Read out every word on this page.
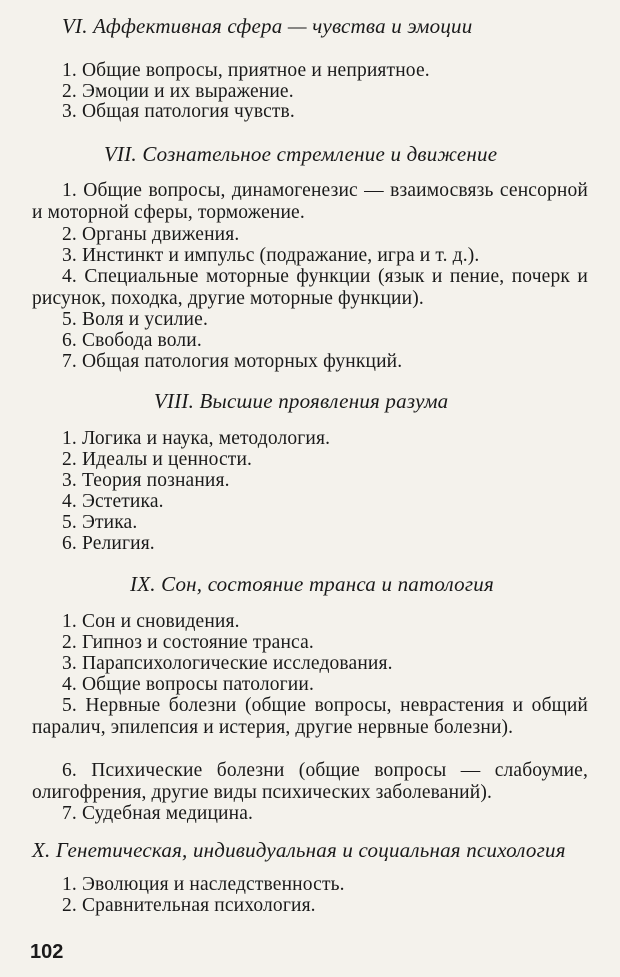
VI. Аффективная сфера — чувства и эмоции
1. Общие вопросы, приятное и неприятное.
2. Эмоции и их выражение.
3. Общая патология чувств.
VII. Сознательное стремление и движение
1. Общие вопросы, динамогенезис — взаимосвязь сенсорной и моторной сферы, торможение.
2. Органы движения.
3. Инстинкт и импульс (подражание, игра и т. д.).
4. Специальные моторные функции (язык и пение, почерк и рисунок, походка, другие моторные функции).
5. Воля и усилие.
6. Свобода воли.
7. Общая патология моторных функций.
VIII. Высшие проявления разума
1. Логика и наука, методология.
2. Идеалы и ценности.
3. Теория познания.
4. Эстетика.
5. Этика.
6. Религия.
IX. Сон, состояние транса и патология
1. Сон и сновидения.
2. Гипноз и состояние транса.
3. Парапсихологические исследования.
4. Общие вопросы патологии.
5. Нервные болезни (общие вопросы, неврастения и общий паралич, эпилепсия и истерия, другие нервные болезни).
6. Психические болезни (общие вопросы — слабоумие, олигофрения, другие виды психических заболеваний).
7. Судебная медицина.
X. Генетическая, индивидуальная и социальная психология
1. Эволюция и наследственность.
2. Сравнительная психология.

102
